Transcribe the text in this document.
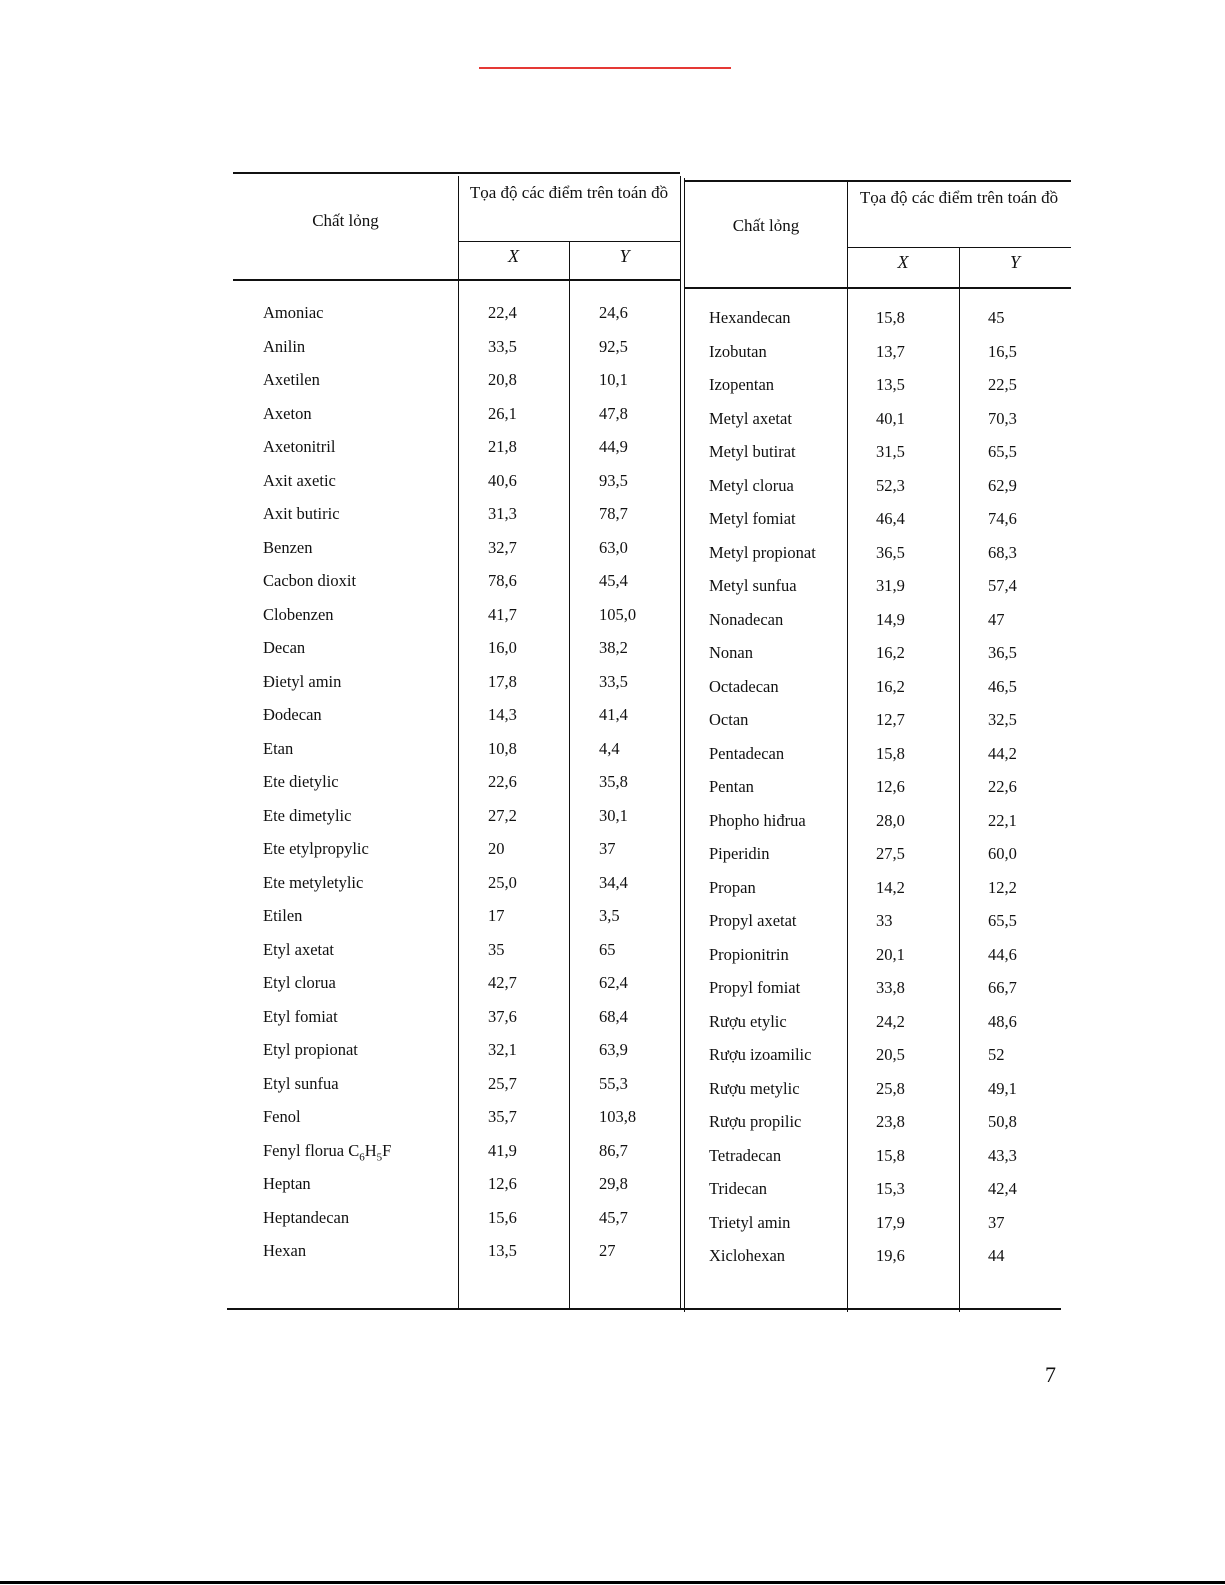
Chất lỏng
Tọa độ các điểm trên toán đồ
X	Y
Chất lỏng
Tọa độ các điểm trên toán đồ
X	Y
Amoniac	22,4	24,6
Anilin	33,5	92,5
Axetilen	20,8	10,1
Axeton	26,1	47,8
Axetonitril	21,8	44,9
Axit axetic	40,6	93,5
Axit butiric	31,3	78,7
Benzen	32,7	63,0
Cacbon dioxit	78,6	45,4
Clobenzen	41,7	105,0
Decan	16,0	38,2
Đietyl amin	17,8	33,5
Đodecan	14,3	41,4
Etan	10,8	4,4
Ete dietylic	22,6	35,8
Ete dimetylic	27,2	30,1
Ete etylpropylic	20	37
Ete metyletylic	25,0	34,4
Etilen	17	3,5
Etyl axetat	35	65
Etyl clorua	42,7	62,4
Etyl fomiat	37,6	68,4
Etyl propionat	32,1	63,9
Etyl sunfua	25,7	55,3
Fenol	35,7	103,8
Fenyl florua $C_6H_5F$	41,9	86,7
Heptan	12,6	29,8
Heptandecan	15,6	45,7
Hexan	13,5	27
Hexandecan	15,8	45
Izobutan	13,7	16,5
Izopentan	13,5	22,5
Metyl axetat	40,1	70,3
Metyl butirat	31,5	65,5
Metyl clorua	52,3	62,9
Metyl fomiat	46,4	74,6
Metyl propionat	36,5	68,3
Metyl sunfua	31,9	57,4
Nonadecan	14,9	47
Nonan	16,2	36,5
Octadecan	16,2	46,5
Octan	12,7	32,5
Pentadecan	15,8	44,2
Pentan	12,6	22,6
Phopho hiđrua	28,0	22,1
Piperidin	27,5	60,0
Propan	14,2	12,2
Propyl axetat	33	65,5
Propionitrin	20,1	44,6
Propyl fomiat	33,8	66,7
Rượu etylic	24,2	48,6
Rượu izoamilic	20,5	52
Rượu metylic	25,8	49,1
Rượu propilic	23,8	50,8
Tetradecan	15,8	43,3
Tridecan	15,3	42,4
Trietyl amin	17,9	37
Xiclohexan	19,6	44
7
